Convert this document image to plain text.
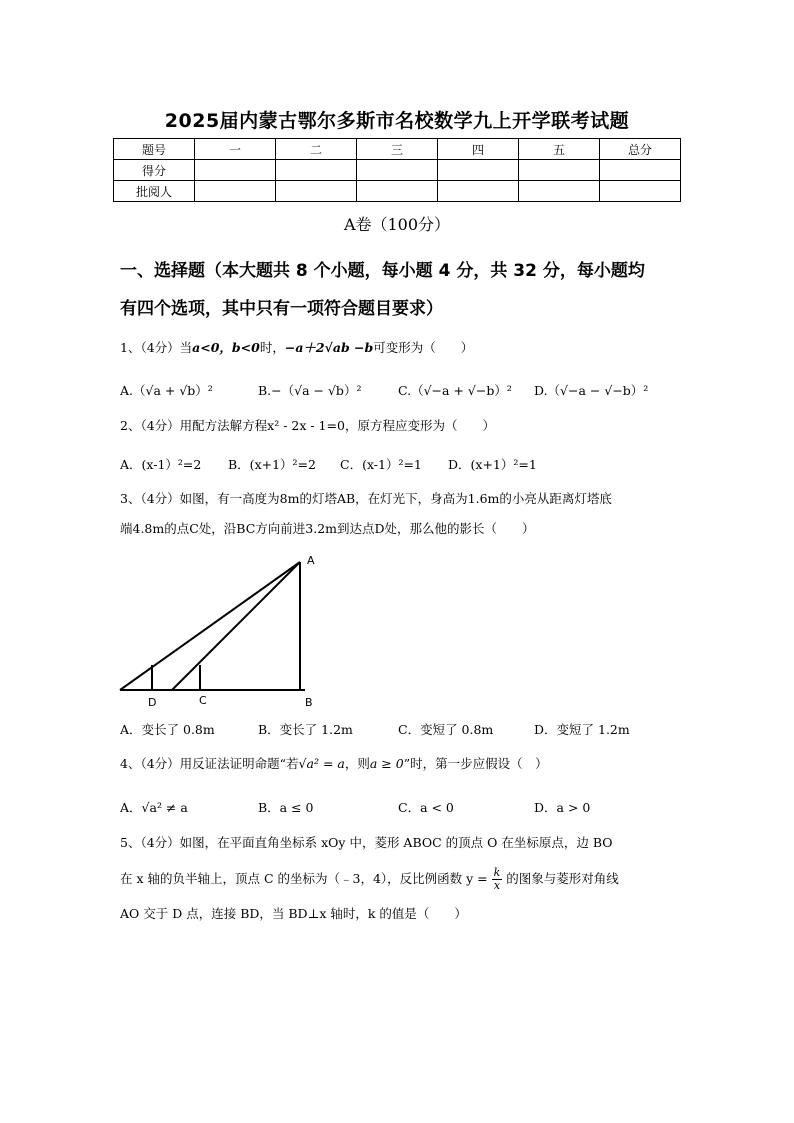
2025届内蒙古鄂尔多斯市名校数学九上开学联考试题
题号	一	二	三	四	五	总分
得分						
批阅人						
A卷（100分）
一、选择题（本大题共 8 个小题，每小题 4 分，共 32 分，每小题均
有四个选项，其中只有一项符合题目要求）
1、（4分）当a<0，b<0时，−a＋2√ab −b可变形为（　　）
A.（√a + √b）²	B.−（√a − √b）²	C.（√−a + √−b）² D.（√−a − √−b）²
2、（4分）用配方法解方程x² - 2x - 1=0，原方程应变形为（　　）
A．(x-1）²=2 B．(x+1）²=2 C．(x-1）²=1 D．(x+1）²=1
3、（4分）如图，有一高度为8m的灯塔AB，在灯光下，身高为1.6m的小亮从距离灯塔底
端4.8m的点C处，沿BC方向前进3.2m到达点D处，那么他的影长（　　）
A
D	C	B
A．变长了 0.8m	B．变长了 1.2m	C．变短了 0.8m	D．变短了 1.2m
4、（4分）用反证法证明命题“若√a² = a，则a ≥ 0”时，第一步应假设（　）
A．√a² ≠ a	B．a ≤ 0	C．a < 0	D．a > 0
5、（4分）如图，在平面直角坐标系 xOy 中，菱形 ABOC 的顶点 O 在坐标原点，边 BO
在 x 轴的负半轴上，顶点 C 的坐标为（﹣3，4），反比例函数 $y = \frac{k}{x}$ 的图象与菱形对角线
AO 交于 D 点，连接 BD，当 BD⊥x 轴时，k 的值是（　　）
